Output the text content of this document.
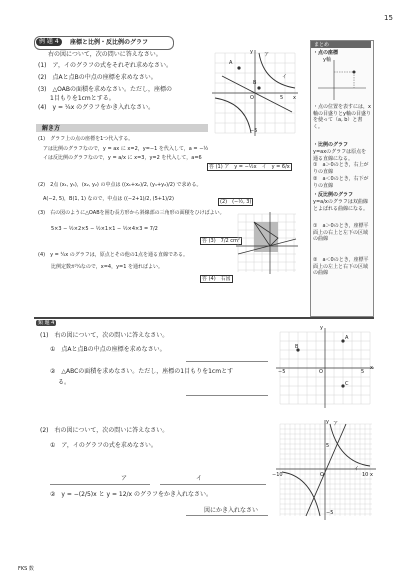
15
例 題 4	座標と比例・反比例のグラフ
右の図について，次の問いに答えなさい。
(1)　ア，イのグラフの式をそれぞれ求めなさい。
(2)　点Aと点Bの中点の座標を求めなさい。
(3)　△OABの面積を求めなさい。ただし，座標の
　　1目もりを1cmとする。
(4)　y = ¼x のグラフをかき入れなさい。
A
B
ア
イ
y
x
O	5
−5
解き方
(1)　グラフ上の点の座標を1つ代入する。
　アは比例のグラフなので，y = ax に x=2，y=−1 を代入して，a = −½
　イは反比例のグラフなので，y = a/x に x=3，y=2 を代入して，a=6
答 (1) ア　y = −½x　イ　y = 6/x
(2)　2点 (x₁, y₁)，(x₂, y₂) の中点は ((x₁+x₂)/2, (y₁+y₂)/2) で求める。
　A(−2, 5)，B(1, 1) なので，中点は ((−2+1)/2, (5+1)/2)	(2)　(−½, 3)
(3)　右の図のように△OABを囲む長方形から斜線部の三角形の面積をひけばよい。
　5×3 − ½×2×5 − ½×1×1 − ½×4×3 = 7/2
答 (3)　7/2 cm²
(4)　y = ¼x のグラフは，原点とその他の1点を通る直線である。
　比例定数が¼なので，x=4，y=1 を通ればよい。
答 (4)　右図
まとめ
・点の座標
y軸
・点の位置を表すには，x軸の目盛りとy軸の目盛りを使って（a, b）と書く。
・比例のグラフ
y=axのグラフは原点を通る直線になる。
①　a＞0のとき，右上がりの直線
②　a＜0のとき，右下がりの直線
・反比例のグラフ
y=a/xのグラフは双曲線とよばれる曲線になる。
①　a＞0のとき，座標平面上の右上と左下の区域の曲線
②　a＜0のとき，座標平面上の左上と右下の区域の曲線
類 題 4
(1)　右の図について，次の問いに答えなさい。
①　点Aと点Bの中点の座標を求めなさい。
②　△ABCの面積を求めなさい。ただし，座標の1目もりを1cmとす
る。
B
A
C
y
x
O
−5	5
(2)　右の図について，次の問いに答えなさい。
①　ア，イのグラフの式を求めなさい。
ア	イ
②　y = −(2/5)x と y = 12/x のグラフをかき入れなさい。
図にかき入れなさい
ア
イ
y
x
O	10
−10
−5
5
FKS 数
